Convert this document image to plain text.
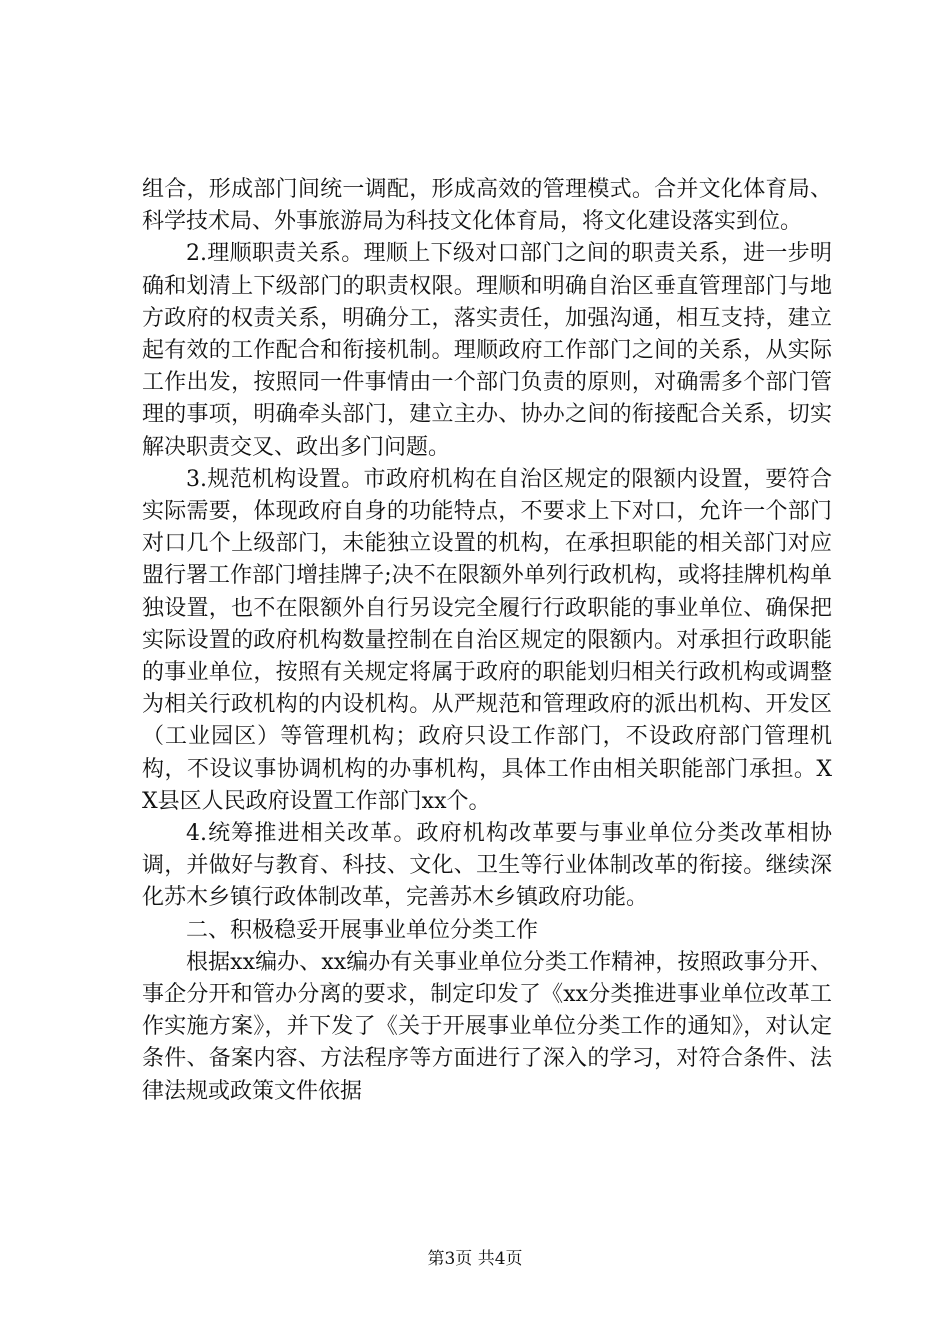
组合，形成部门间统一调配，形成高效的管理模式。合并文化体育局、科学技术局、外事旅游局为科技文化体育局，将文化建设落实到位。

2.理顺职责关系。理顺上下级对口部门之间的职责关系，进一步明确和划清上下级部门的职责权限。理顺和明确自治区垂直管理部门与地方政府的权责关系，明确分工，落实责任，加强沟通，相互支持，建立起有效的工作配合和衔接机制。理顺政府工作部门之间的关系，从实际工作出发，按照同一件事情由一个部门负责的原则，对确需多个部门管理的事项，明确牵头部门，建立主办、协办之间的衔接配合关系，切实解决职责交叉、政出多门问题。

3.规范机构设置。市政府机构在自治区规定的限额内设置，要符合实际需要，体现政府自身的功能特点，不要求上下对口，允许一个部门对口几个上级部门，未能独立设置的机构，在承担职能的相关部门对应盟行署工作部门增挂牌子;决不在限额外单列行政机构，或将挂牌机构单独设置，也不在限额外自行另设完全履行行政职能的事业单位、确保把实际设置的政府机构数量控制在自治区规定的限额内。对承担行政职能的事业单位，按照有关规定将属于政府的职能划归相关行政机构或调整为相关行政机构的内设机构。从严规范和管理政府的派出机构、开发区（工业园区）等管理机构；政府只设工作部门，不设政府部门管理机构，不设议事协调机构的办事机构，具体工作由相关职能部门承担。XX县区人民政府设置工作部门xx个。

4.统筹推进相关改革。政府机构改革要与事业单位分类改革相协调，并做好与教育、科技、文化、卫生等行业体制改革的衔接。继续深化苏木乡镇行政体制改革，完善苏木乡镇政府功能。

二、积极稳妥开展事业单位分类工作

根据xx编办、xx编办有关事业单位分类工作精神，按照政事分开、事企分开和管办分离的要求，制定印发了《xx分类推进事业单位改革工作实施方案》，并下发了《关于开展事业单位分类工作的通知》，对认定条件、备案内容、方法程序等方面进行了深入的学习，对符合条件、法律法规或政策文件依据

第3页 共4页
